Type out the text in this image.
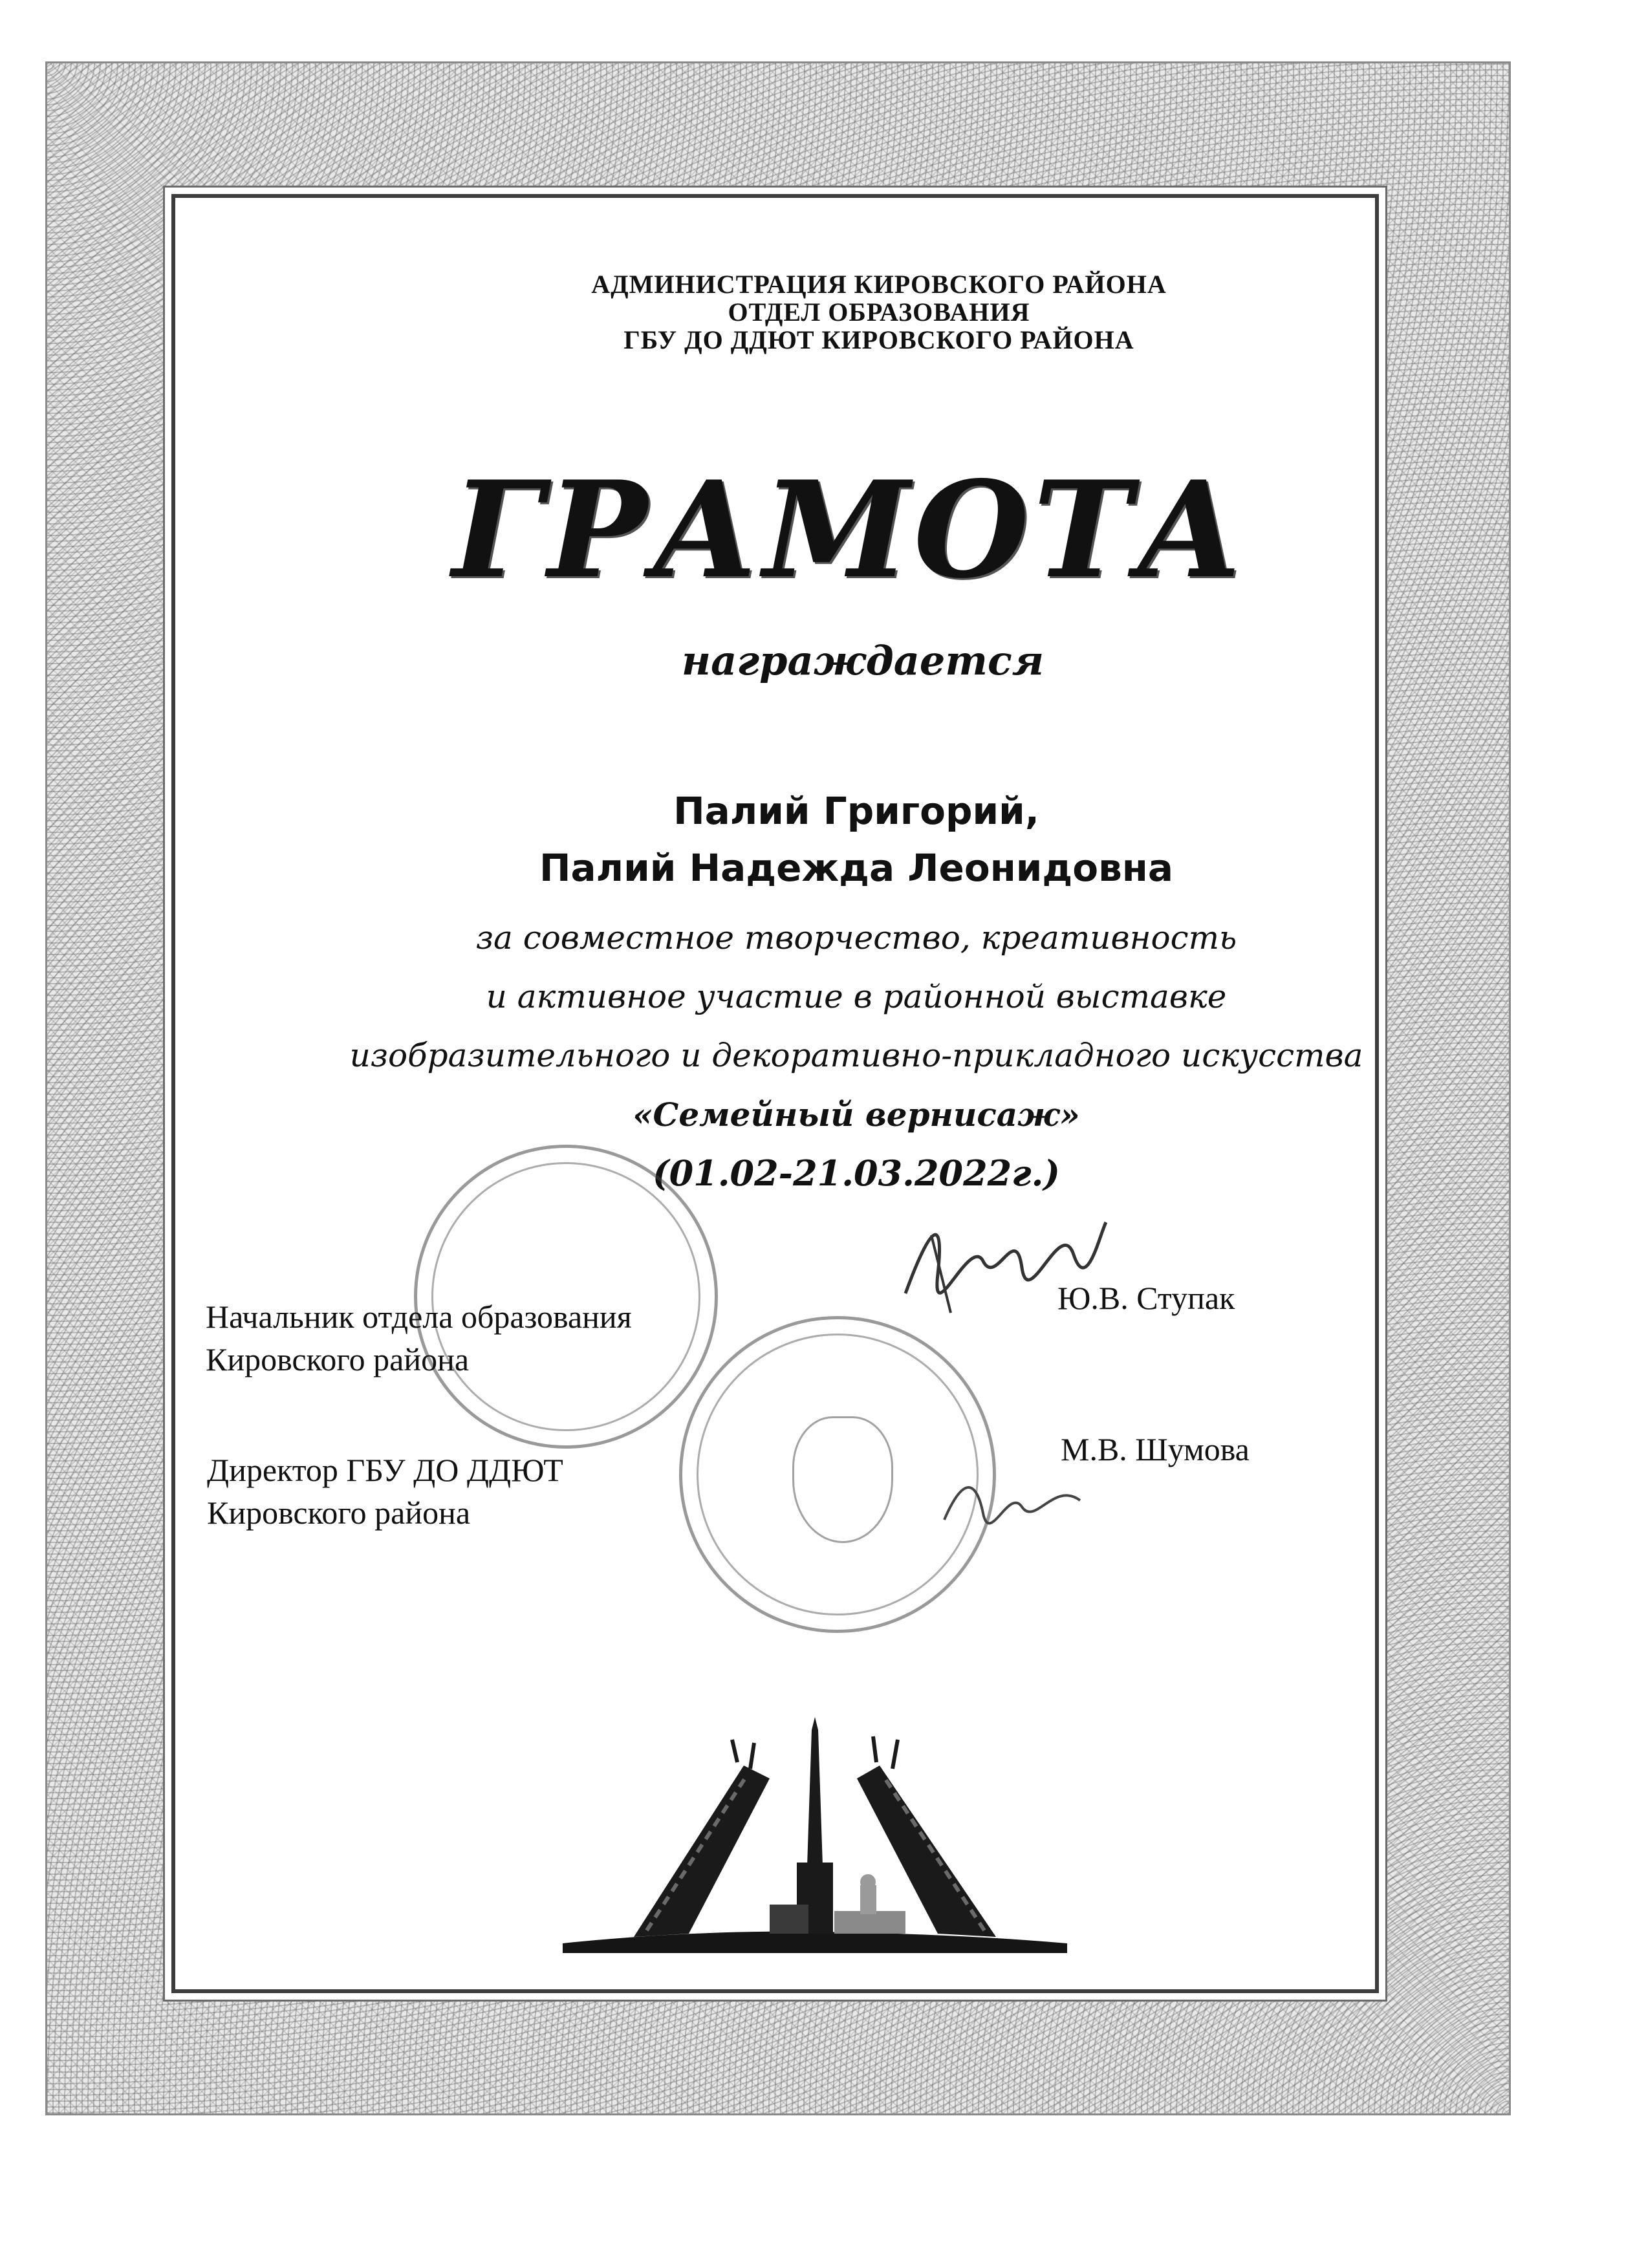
АДМИНИСТРАЦИЯ КИРОВСКОГО РАЙОНА
ОТДЕЛ ОБРАЗОВАНИЯ
ГБУ ДО ДДЮТ КИРОВСКОГО РАЙОНА
ГРАМОТА
награждается
Палий Григорий,
Палий Надежда Леонидовна
за совместное творчество, креативность
и активное участие в районной выставке
изобразительного и декоративно-прикладного искусства
«Семейный вернисаж»
(01.02-21.03.2022г.)
Начальник отдела образования
Кировского района
Ю.В. Ступак
Директор ГБУ ДО ДДЮТ
Кировского района
М.В. Шумова
